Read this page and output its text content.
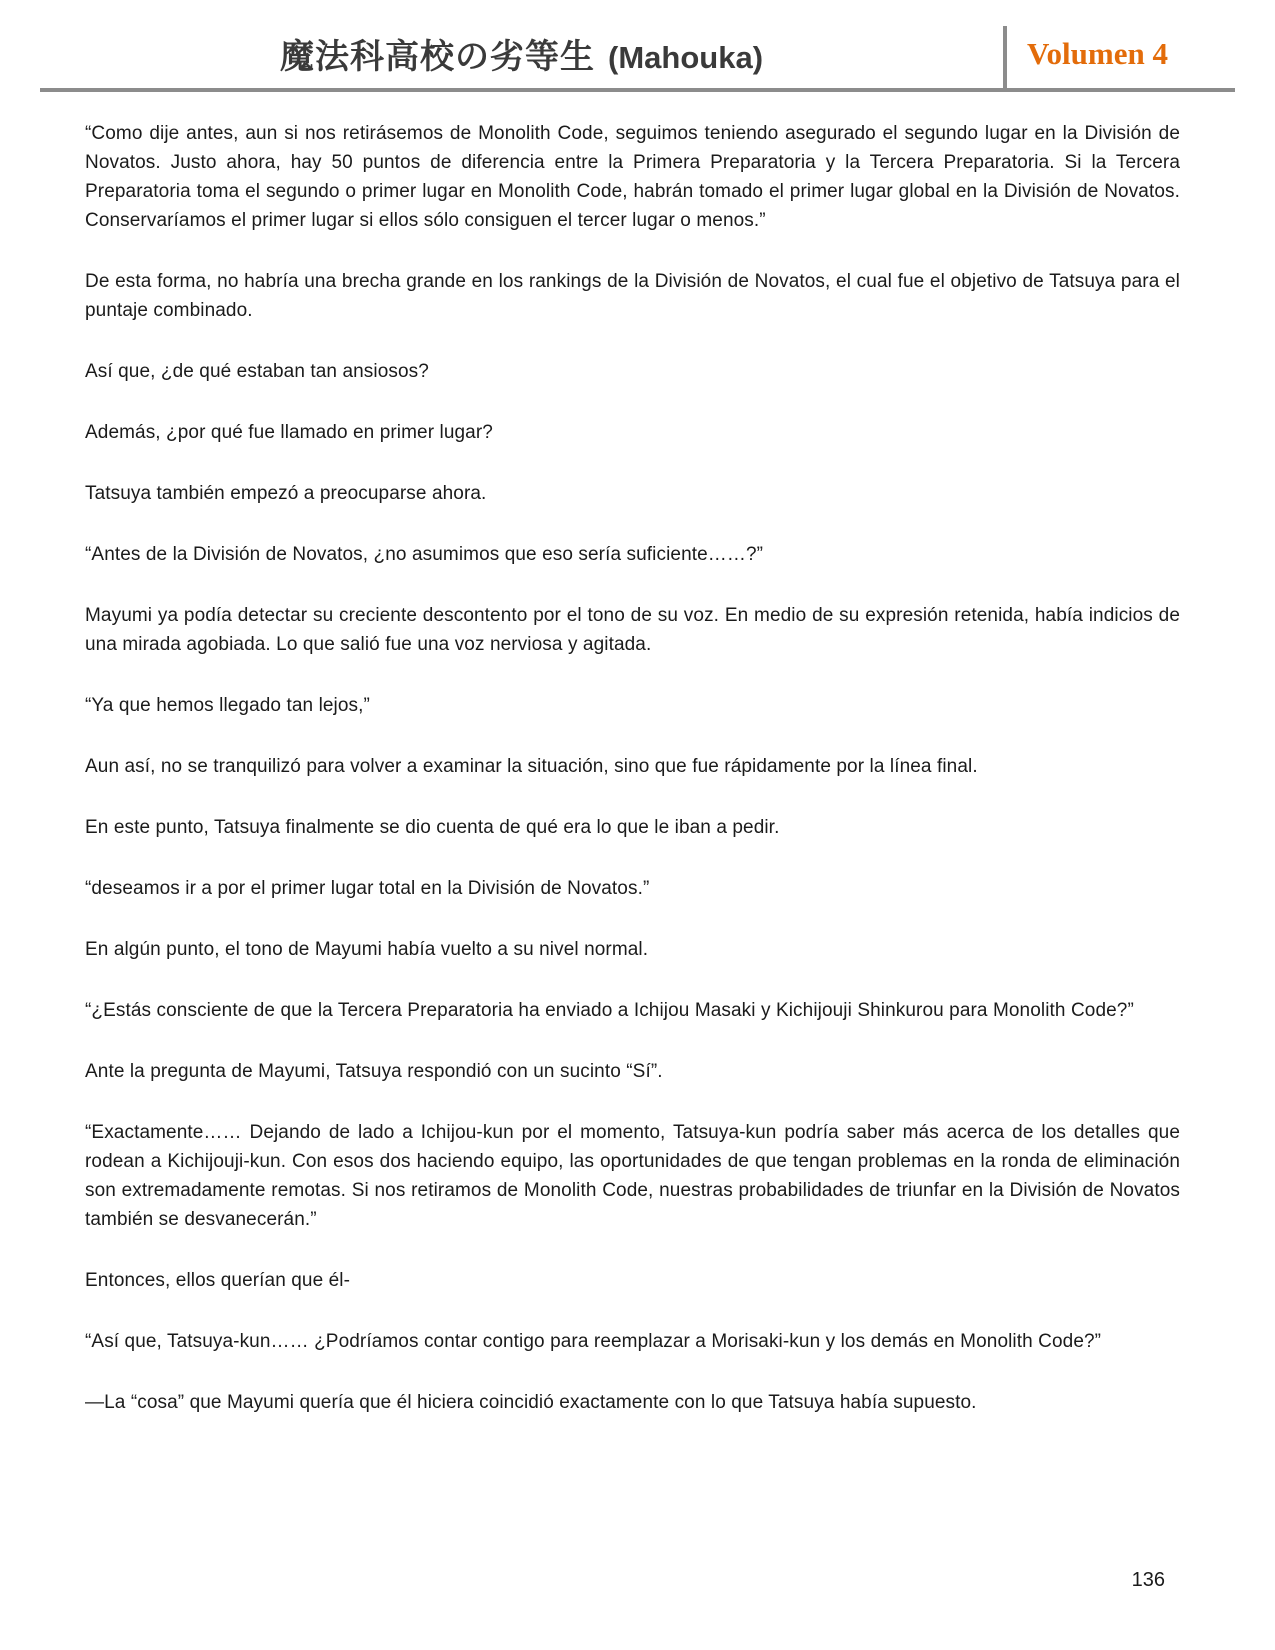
魔法科高校の劣等生 (Mahouka)	Volumen 4

“Como dije antes, aun si nos retirásemos de Monolith Code, seguimos teniendo asegurado el segundo lugar en la División de Novatos. Justo ahora, hay 50 puntos de diferencia entre la Primera Preparatoria y la Tercera Preparatoria. Si la Tercera Preparatoria toma el segundo o primer lugar en Monolith Code, habrán tomado el primer lugar global en la División de Novatos. Conservaríamos el primer lugar si ellos sólo consiguen el tercer lugar o menos.”

De esta forma, no habría una brecha grande en los rankings de la División de Novatos, el cual fue el objetivo de Tatsuya para el puntaje combinado.

Así que, ¿de qué estaban tan ansiosos?

Además, ¿por qué fue llamado en primer lugar?

Tatsuya también empezó a preocuparse ahora.

“Antes de la División de Novatos, ¿no asumimos que eso sería suficiente……?”

Mayumi ya podía detectar su creciente descontento por el tono de su voz. En medio de su expresión retenida, había indicios de una mirada agobiada. Lo que salió fue una voz nerviosa y agitada.

“Ya que hemos llegado tan lejos,”

Aun así, no se tranquilizó para volver a examinar la situación, sino que fue rápidamente por la línea final.

En este punto, Tatsuya finalmente se dio cuenta de qué era lo que le iban a pedir.

“deseamos ir a por el primer lugar total en la División de Novatos.”

En algún punto, el tono de Mayumi había vuelto a su nivel normal.

“¿Estás consciente de que la Tercera Preparatoria ha enviado a Ichijou Masaki y Kichijouji Shinkurou para Monolith Code?”

Ante la pregunta de Mayumi, Tatsuya respondió con un sucinto “Sí”.

“Exactamente…… Dejando de lado a Ichijou-kun por el momento, Tatsuya-kun podría saber más acerca de los detalles que rodean a Kichijouji-kun. Con esos dos haciendo equipo, las oportunidades de que tengan problemas en la ronda de eliminación son extremadamente remotas. Si nos retiramos de Monolith Code, nuestras probabilidades de triunfar en la División de Novatos también se desvanecerán.”

Entonces, ellos querían que él-

“Así que, Tatsuya-kun…… ¿Podríamos contar contigo para reemplazar a Morisaki-kun y los demás en Monolith Code?”

—La “cosa” que Mayumi quería que él hiciera coincidió exactamente con lo que Tatsuya había supuesto.

136
